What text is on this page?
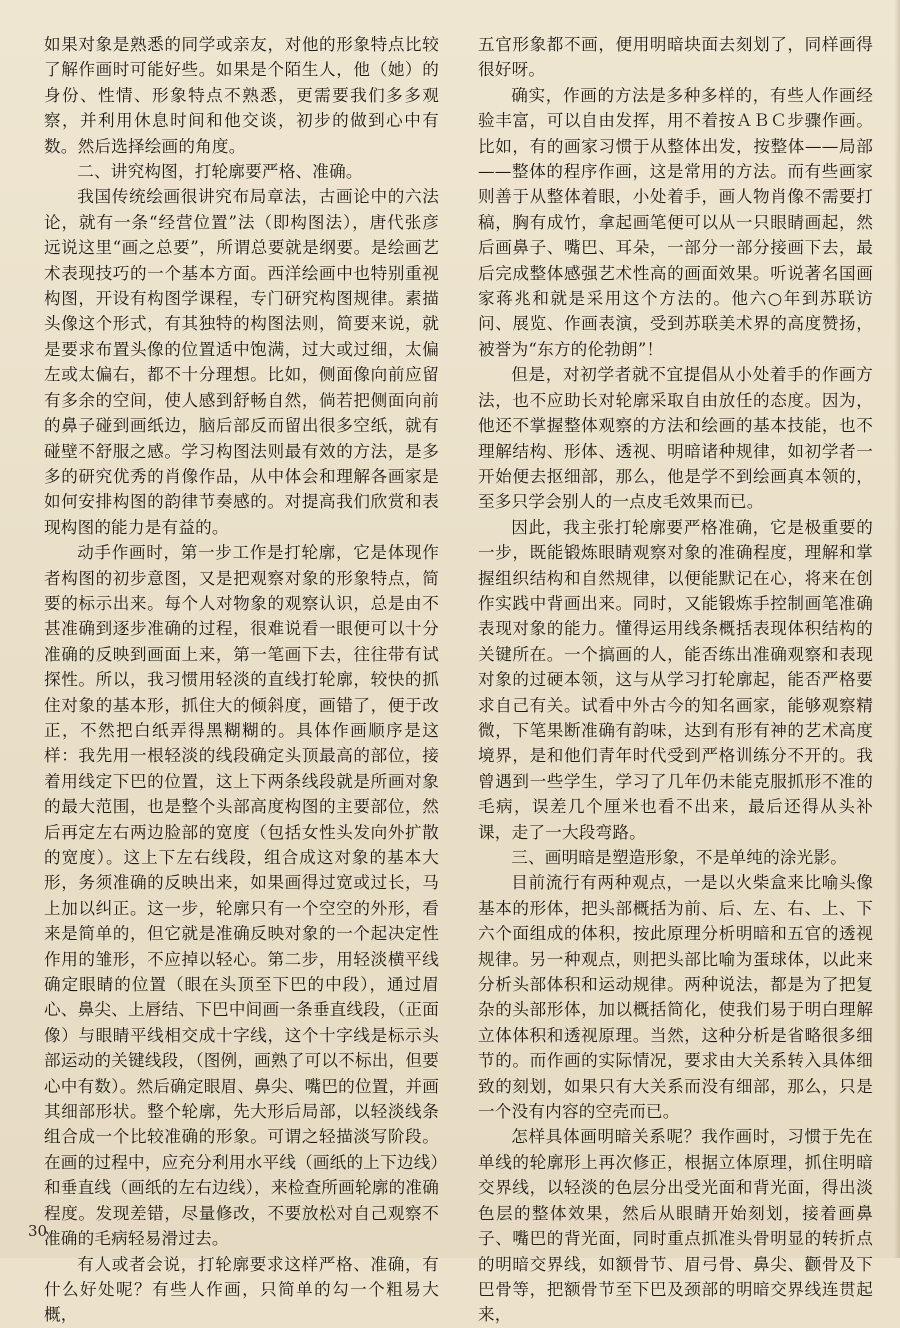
如果对象是熟悉的同学或亲友，对他的形象特点比较了解作画时可能好些。如果是个陌生人，他（她）的身份、性情、形象特点不熟悉，更需要我们多多观察，并利用休息时间和他交谈，初步的做到心中有数。然后选择绘画的角度。

二、讲究构图，打轮廓要严格、准确。

我国传统绘画很讲究布局章法，古画论中的六法论，就有一条“经营位置”法（即构图法），唐代张彦远说这里“画之总要”，所谓总要就是纲要。是绘画艺术表现技巧的一个基本方面。西洋绘画中也特别重视构图，开设有构图学课程，专门研究构图规律。素描头像这个形式，有其独特的构图法则，简要来说，就是要求布置头像的位置适中饱满，过大或过细，太偏左或太偏右，都不十分理想。比如，侧面像向前应留有多余的空间，使人感到舒畅自然，倘若把侧面向前的鼻子碰到画纸边，脑后部反而留出很多空纸，就有碰壁不舒服之感。学习构图法则最有效的方法，是多多的研究优秀的肖像作品，从中体会和理解各画家是如何安排构图的韵律节奏感的。对提高我们欣赏和表现构图的能力是有益的。

动手作画时，第一步工作是打轮廓，它是体现作者构图的初步意图，又是把观察对象的形象特点，简要的标示出来。每个人对物象的观察认识，总是由不甚准确到逐步准确的过程，很难说看一眼便可以十分准确的反映到画面上来，第一笔画下去，往往带有试探性。所以，我习惯用轻淡的直线打轮廓，较快的抓住对象的基本形，抓住大的倾斜度，画错了，便于改正，不然把白纸弄得黑糊糊的。具体作画顺序是这样：我先用一根轻淡的线段确定头顶最高的部位，接着用线定下巴的位置，这上下两条线段就是所画对象的最大范围，也是整个头部高度构图的主要部位，然后再定左右两边脸部的宽度（包括女性头发向外扩散的宽度）。这上下左右线段，组合成这对象的基本大形，务须准确的反映出来，如果画得过宽或过长，马上加以纠正。这一步，轮廓只有一个空空的外形，看来是简单的，但它就是准确反映对象的一个起决定性作用的雏形，不应掉以轻心。第二步，用轻淡横平线确定眼睛的位置（眼在头顶至下巴的中段），通过眉心、鼻尖、上唇结、下巴中间画一条垂直线段，（正面像）与眼睛平线相交成十字线，这个十字线是标示头部运动的关键线段，（图例，画熟了可以不标出，但要心中有数）。然后确定眼眉、鼻尖、嘴巴的位置，并画其细部形状。整个轮廓，先大形后局部，以轻淡线条组合成一个比较准确的形象。可谓之轻描淡写阶段。在画的过程中，应充分利用水平线（画纸的上下边线）和垂直线（画纸的左右边线），来检查所画轮廓的准确程度。发现差错，尽量修改，不要放松对自己观察不准确的毛病轻易滑过去。

有人或者会说，打轮廓要求这样严格、准确，有什么好处呢？有些人作画，只简单的勾一个粗易大概，

五官形象都不画，便用明暗块面去刻划了，同样画得很好呀。

确实，作画的方法是多种多样的，有些人作画经验丰富，可以自由发挥，用不着按ＡＢＣ步骤作画。比如，有的画家习惯于从整体出发，按整体——局部——整体的程序作画，这是常用的方法。而有些画家则善于从整体着眼，小处着手，画人物肖像不需要打稿，胸有成竹，拿起画笔便可以从一只眼睛画起，然后画鼻子、嘴巴、耳朵，一部分一部分接画下去，最后完成整体感强艺术性高的画面效果。听说著名国画家蒋兆和就是采用这个方法的。他六○年到苏联访问、展览、作画表演，受到苏联美术界的高度赞扬，被誉为“东方的伦勃朗”！

但是，对初学者就不宜提倡从小处着手的作画方法，也不应助长对轮廓采取自由放任的态度。因为，他还不掌握整体观察的方法和绘画的基本技能，也不理解结构、形体、透视、明暗诸种规律，如初学者一开始便去抠细部，那么，他是学不到绘画真本领的，至多只学会别人的一点皮毛效果而已。

因此，我主张打轮廓要严格准确，它是极重要的一步，既能锻炼眼睛观察对象的准确程度，理解和掌握组织结构和自然规律，以便能默记在心，将来在创作实践中背画出来。同时，又能锻炼手控制画笔准确表现对象的能力。懂得运用线条概括表现体积结构的关键所在。一个搞画的人，能否练出准确观察和表现对象的过硬本领，这与从学习打轮廓起，能否严格要求自己有关。试看中外古今的知名画家，能够观察精微，下笔果断准确有韵味，达到有形有神的艺术高度境界，是和他们青年时代受到严格训练分不开的。我曾遇到一些学生，学习了几年仍未能克服抓形不准的毛病，误差几个厘米也看不出来，最后还得从头补课，走了一大段弯路。

三、画明暗是塑造形象，不是单纯的涂光影。

目前流行有两种观点，一是以火柴盒来比喻头像基本的形体，把头部概括为前、后、左、右、上、下六个面组成的体积，按此原理分析明暗和五官的透视规律。另一种观点，则把头部比喻为蛋球体，以此来分析头部体积和运动规律。两种说法，都是为了把复杂的头部形体，加以概括简化，使我们易于明白理解立体体积和透视原理。当然，这种分析是省略很多细节的。而作画的实际情况，要求由大关系转入具体细致的刻划，如果只有大关系而没有细部，那么，只是一个没有内容的空壳而已。

怎样具体画明暗关系呢？我作画时，习惯于先在单线的轮廓形上再次修正，根据立体原理，抓住明暗交界线，以轻淡的色层分出受光面和背光面，得出淡色层的整体效果，然后从眼睛开始刻划，接着画鼻子、嘴巴的背光面，同时重点抓准头骨明显的转折点的明暗交界线，如额骨节、眉弓骨、鼻尖、颧骨及下巴骨等，把额骨节至下巴及颈部的明暗交界线连贯起来，

30
